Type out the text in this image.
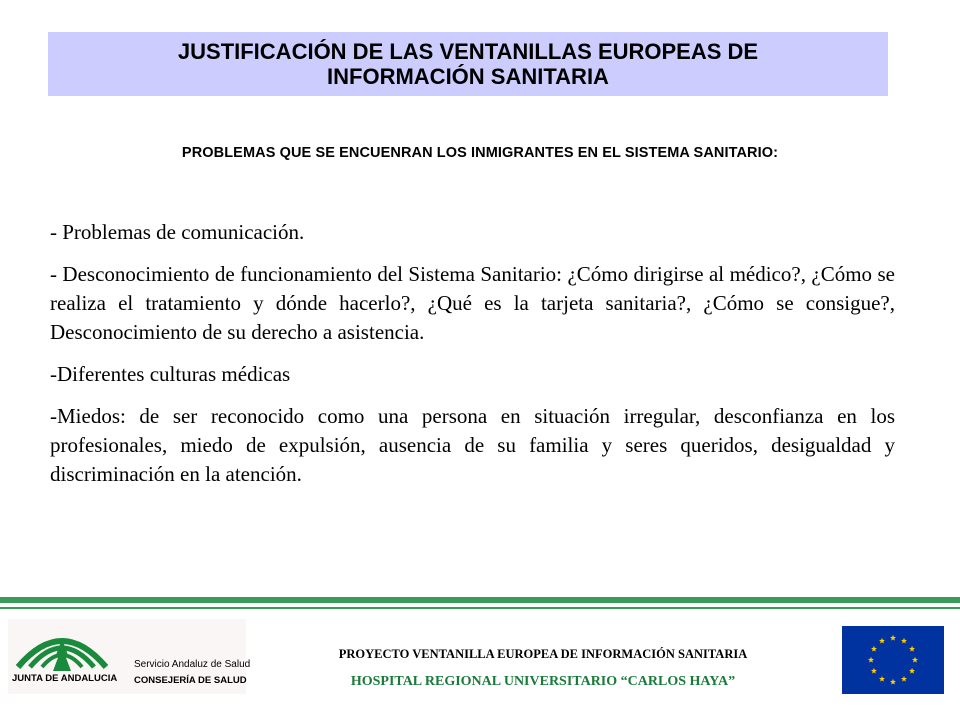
JUSTIFICACIÓN DE LAS VENTANILLAS EUROPEAS DE
INFORMACIÓN SANITARIA
PROBLEMAS QUE SE ENCUENRAN LOS INMIGRANTES EN EL SISTEMA SANITARIO:

- Problemas de comunicación.

- Desconocimiento de funcionamiento del Sistema Sanitario: ¿Cómo dirigirse al médico?, ¿Cómo se realiza el tratamiento y dónde hacerlo?, ¿Qué es la tarjeta sanitaria?, ¿Cómo se consigue?, Desconocimiento de su derecho a asistencia.

-Diferentes culturas médicas

-Miedos: de ser reconocido como una persona en situación irregular, desconfianza en los profesionales, miedo de expulsión, ausencia de su familia y seres queridos, desigualdad y discriminación en la atención.

JUNTA DE ANDALUCIA
Servicio Andaluz de Salud
CONSEJERÍA DE SALUD
PROYECTO VENTANILLA EUROPEA DE INFORMACIÓN SANITARIA
HOSPITAL REGIONAL UNIVERSITARIO “CARLOS HAYA”
